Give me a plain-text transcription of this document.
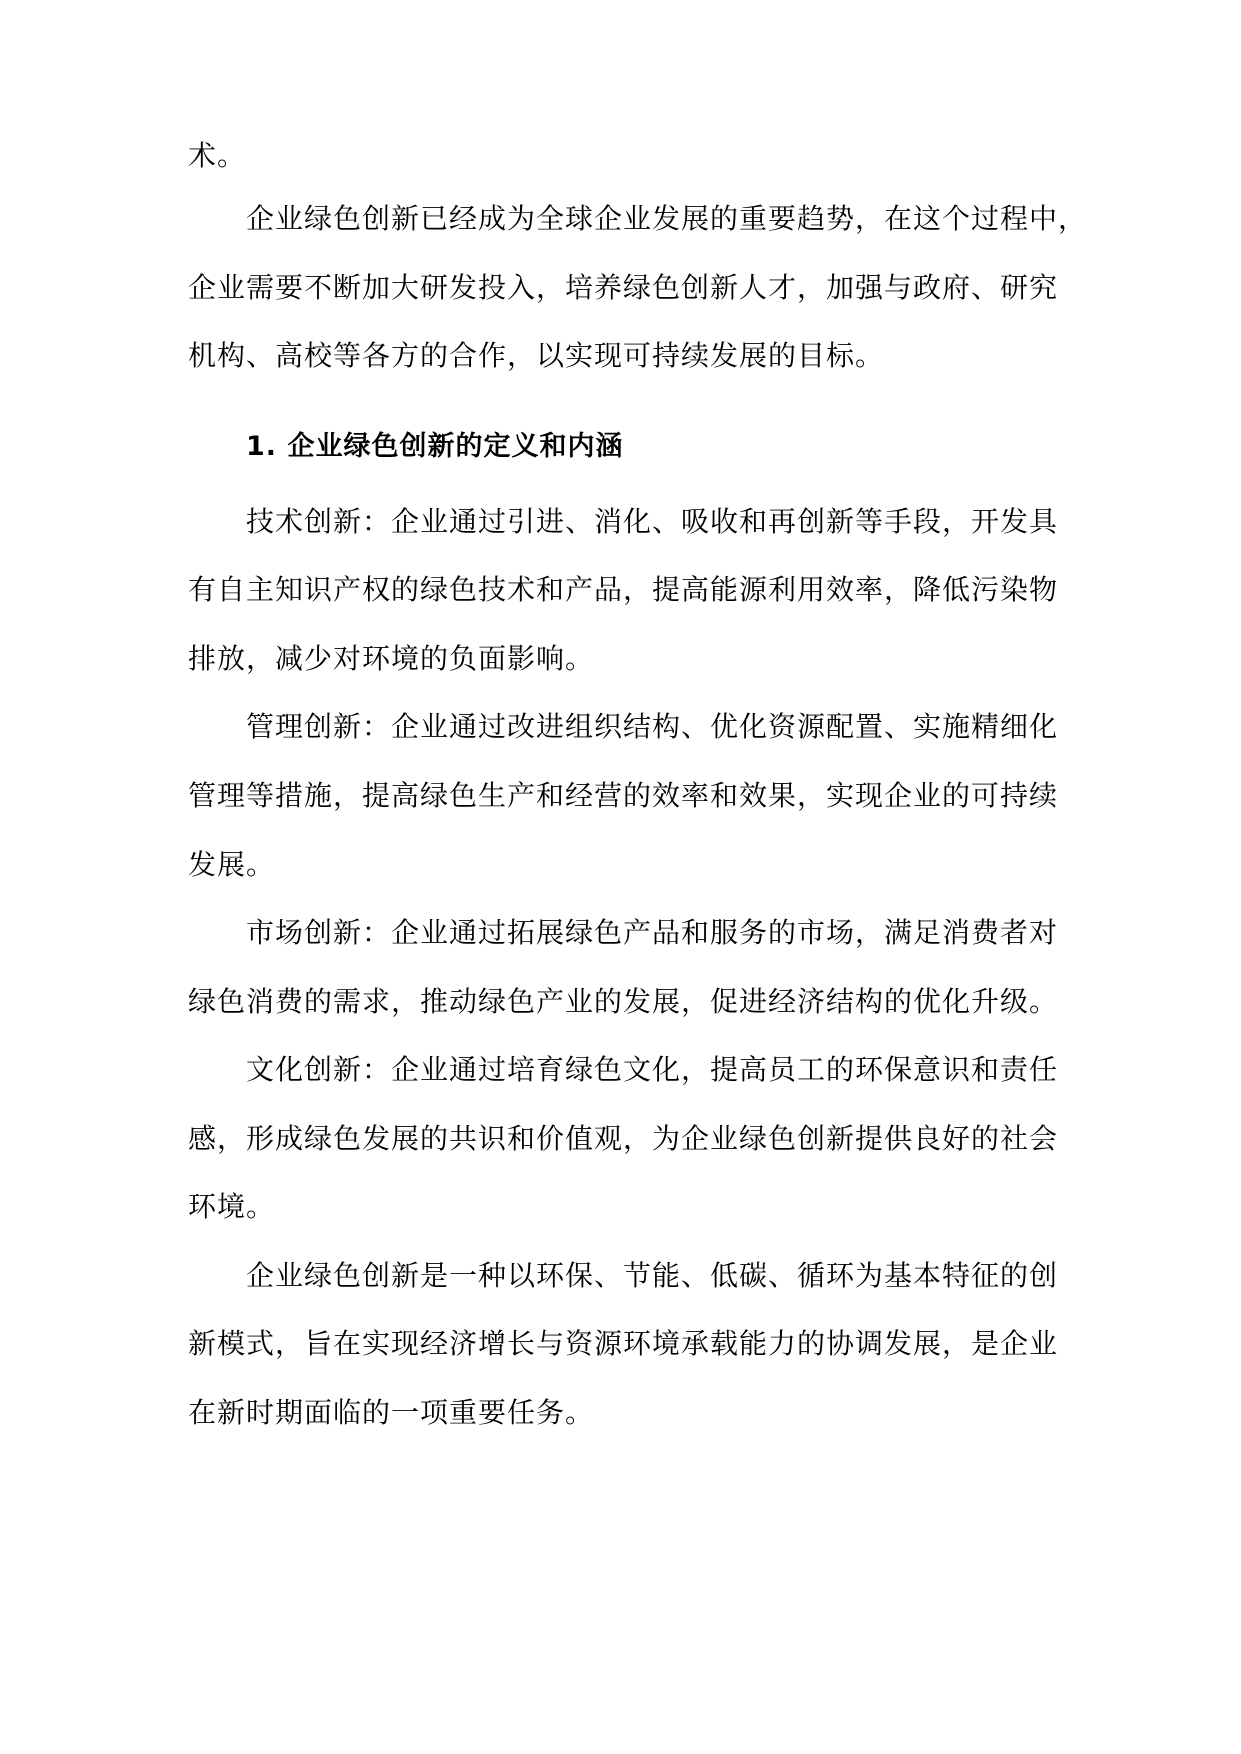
术。
企业绿色创新已经成为全球企业发展的重要趋势，在这个过程中，
企业需要不断加大研发投入，培养绿色创新人才，加强与政府、研究
机构、高校等各方的合作，以实现可持续发展的目标。
1. 企业绿色创新的定义和内涵
技术创新：企业通过引进、消化、吸收和再创新等手段，开发具
有自主知识产权的绿色技术和产品，提高能源利用效率，降低污染物
排放，减少对环境的负面影响。
管理创新：企业通过改进组织结构、优化资源配置、实施精细化
管理等措施，提高绿色生产和经营的效率和效果，实现企业的可持续
发展。
市场创新：企业通过拓展绿色产品和服务的市场，满足消费者对
绿色消费的需求，推动绿色产业的发展，促进经济结构的优化升级。
文化创新：企业通过培育绿色文化，提高员工的环保意识和责任
感，形成绿色发展的共识和价值观，为企业绿色创新提供良好的社会
环境。
企业绿色创新是一种以环保、节能、低碳、循环为基本特征的创
新模式，旨在实现经济增长与资源环境承载能力的协调发展，是企业
在新时期面临的一项重要任务。
